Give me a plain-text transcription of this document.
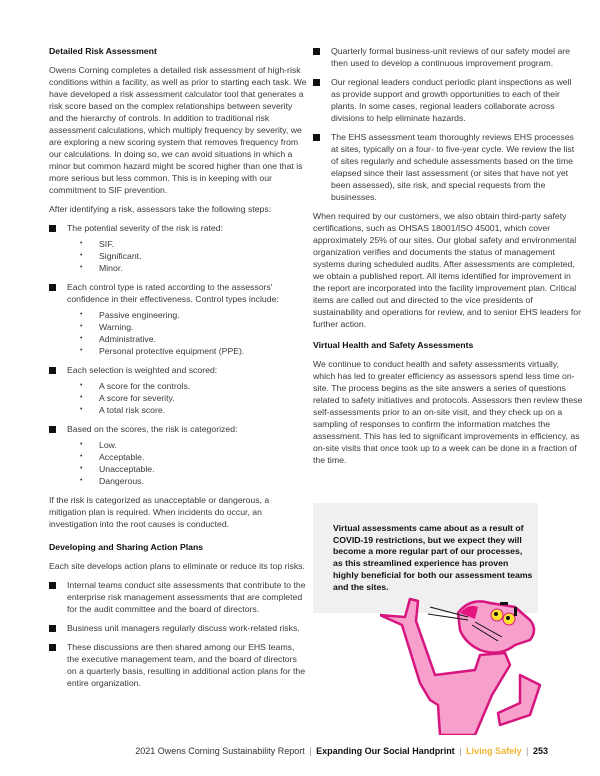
Detailed Risk Assessment

Owens Corning completes a detailed risk assessment of high-risk conditions within a facility, as well as prior to starting each task. We have developed a risk assessment calculator tool that generates a risk score based on the complex relationships between severity and the hierarchy of controls. In addition to traditional risk assessment calculations, which multiply frequency by severity, we are exploring a new scoring system that removes frequency from our calculations. In doing so, we can avoid situations in which a minor but common hazard might be scored higher than one that is more serious but less common. This is in keeping with our commitment to SIF prevention.

After identifying a risk, assessors take the following steps:

The potential severity of the risk is rated:
• SIF.
• Significant.
• Minor.
Each control type is rated according to the assessors' confidence in their effectiveness. Control types include:
• Passive engineering.
• Warning.
• Administrative.
• Personal protective equipment (PPE).
Each selection is weighted and scored:
• A score for the controls.
• A score for severity.
• A total risk score.
Based on the scores, the risk is categorized:
• Low.
• Acceptable.
• Unacceptable.
• Dangerous.

If the risk is categorized as unacceptable or dangerous, a mitigation plan is required. When incidents do occur, an investigation into the root causes is conducted.

Developing and Sharing Action Plans

Each site develops action plans to eliminate or reduce its top risks.

Internal teams conduct site assessments that contribute to the enterprise risk management assessments that are completed for the audit committee and the board of directors.
Business unit managers regularly discuss work-related risks.
These discussions are then shared among our EHS teams, the executive management team, and the board of directors on a quarterly basis, resulting in additional action plans for the entire organization.
Quarterly formal business-unit reviews of our safety model are then used to develop a continuous improvement program.
Our regional leaders conduct periodic plant inspections as well as provide support and growth opportunities to each of their plants. In some cases, regional leaders collaborate across divisions to help eliminate hazards.
The EHS assessment team thoroughly reviews EHS processes at sites, typically on a four- to five-year cycle. We review the list of sites regularly and schedule assessments based on the time elapsed since their last assessment (or sites that have not yet been assessed), site risk, and special requests from the businesses.

When required by our customers, we also obtain third-party safety certifications, such as OHSAS 18001/ISO 45001, which cover approximately 25% of our sites. Our global safety and environmental organization verifies and documents the status of management systems during scheduled audits. After assessments are completed, we obtain a published report. All items identified for improvement in the report are incorporated into the facility improvement plan. Critical items are called out and directed to the vice presidents of sustainability and operations for review, and to senior EHS leaders for further action.

Virtual Health and Safety Assessments

We continue to conduct health and safety assessments virtually, which has led to greater efficiency as assessors spend less time on-site. The process begins as the site answers a series of questions related to safety initiatives and protocols. Assessors then review these self-assessments prior to an on-site visit, and they check up on a sampling of responses to confirm the information matches the assessment. This has led to significant improvements in efficiency, as on-site visits that once took up to a week can be done in a fraction of the time.

Virtual assessments came about as a result of COVID-19 restrictions, but we expect they will become a more regular part of our processes, as this streamlined experience has proven highly beneficial for both our assessment teams and the sites.
2021 Owens Corning Sustainability Report | Expanding Our Social Handprint | Living Safely | 253
